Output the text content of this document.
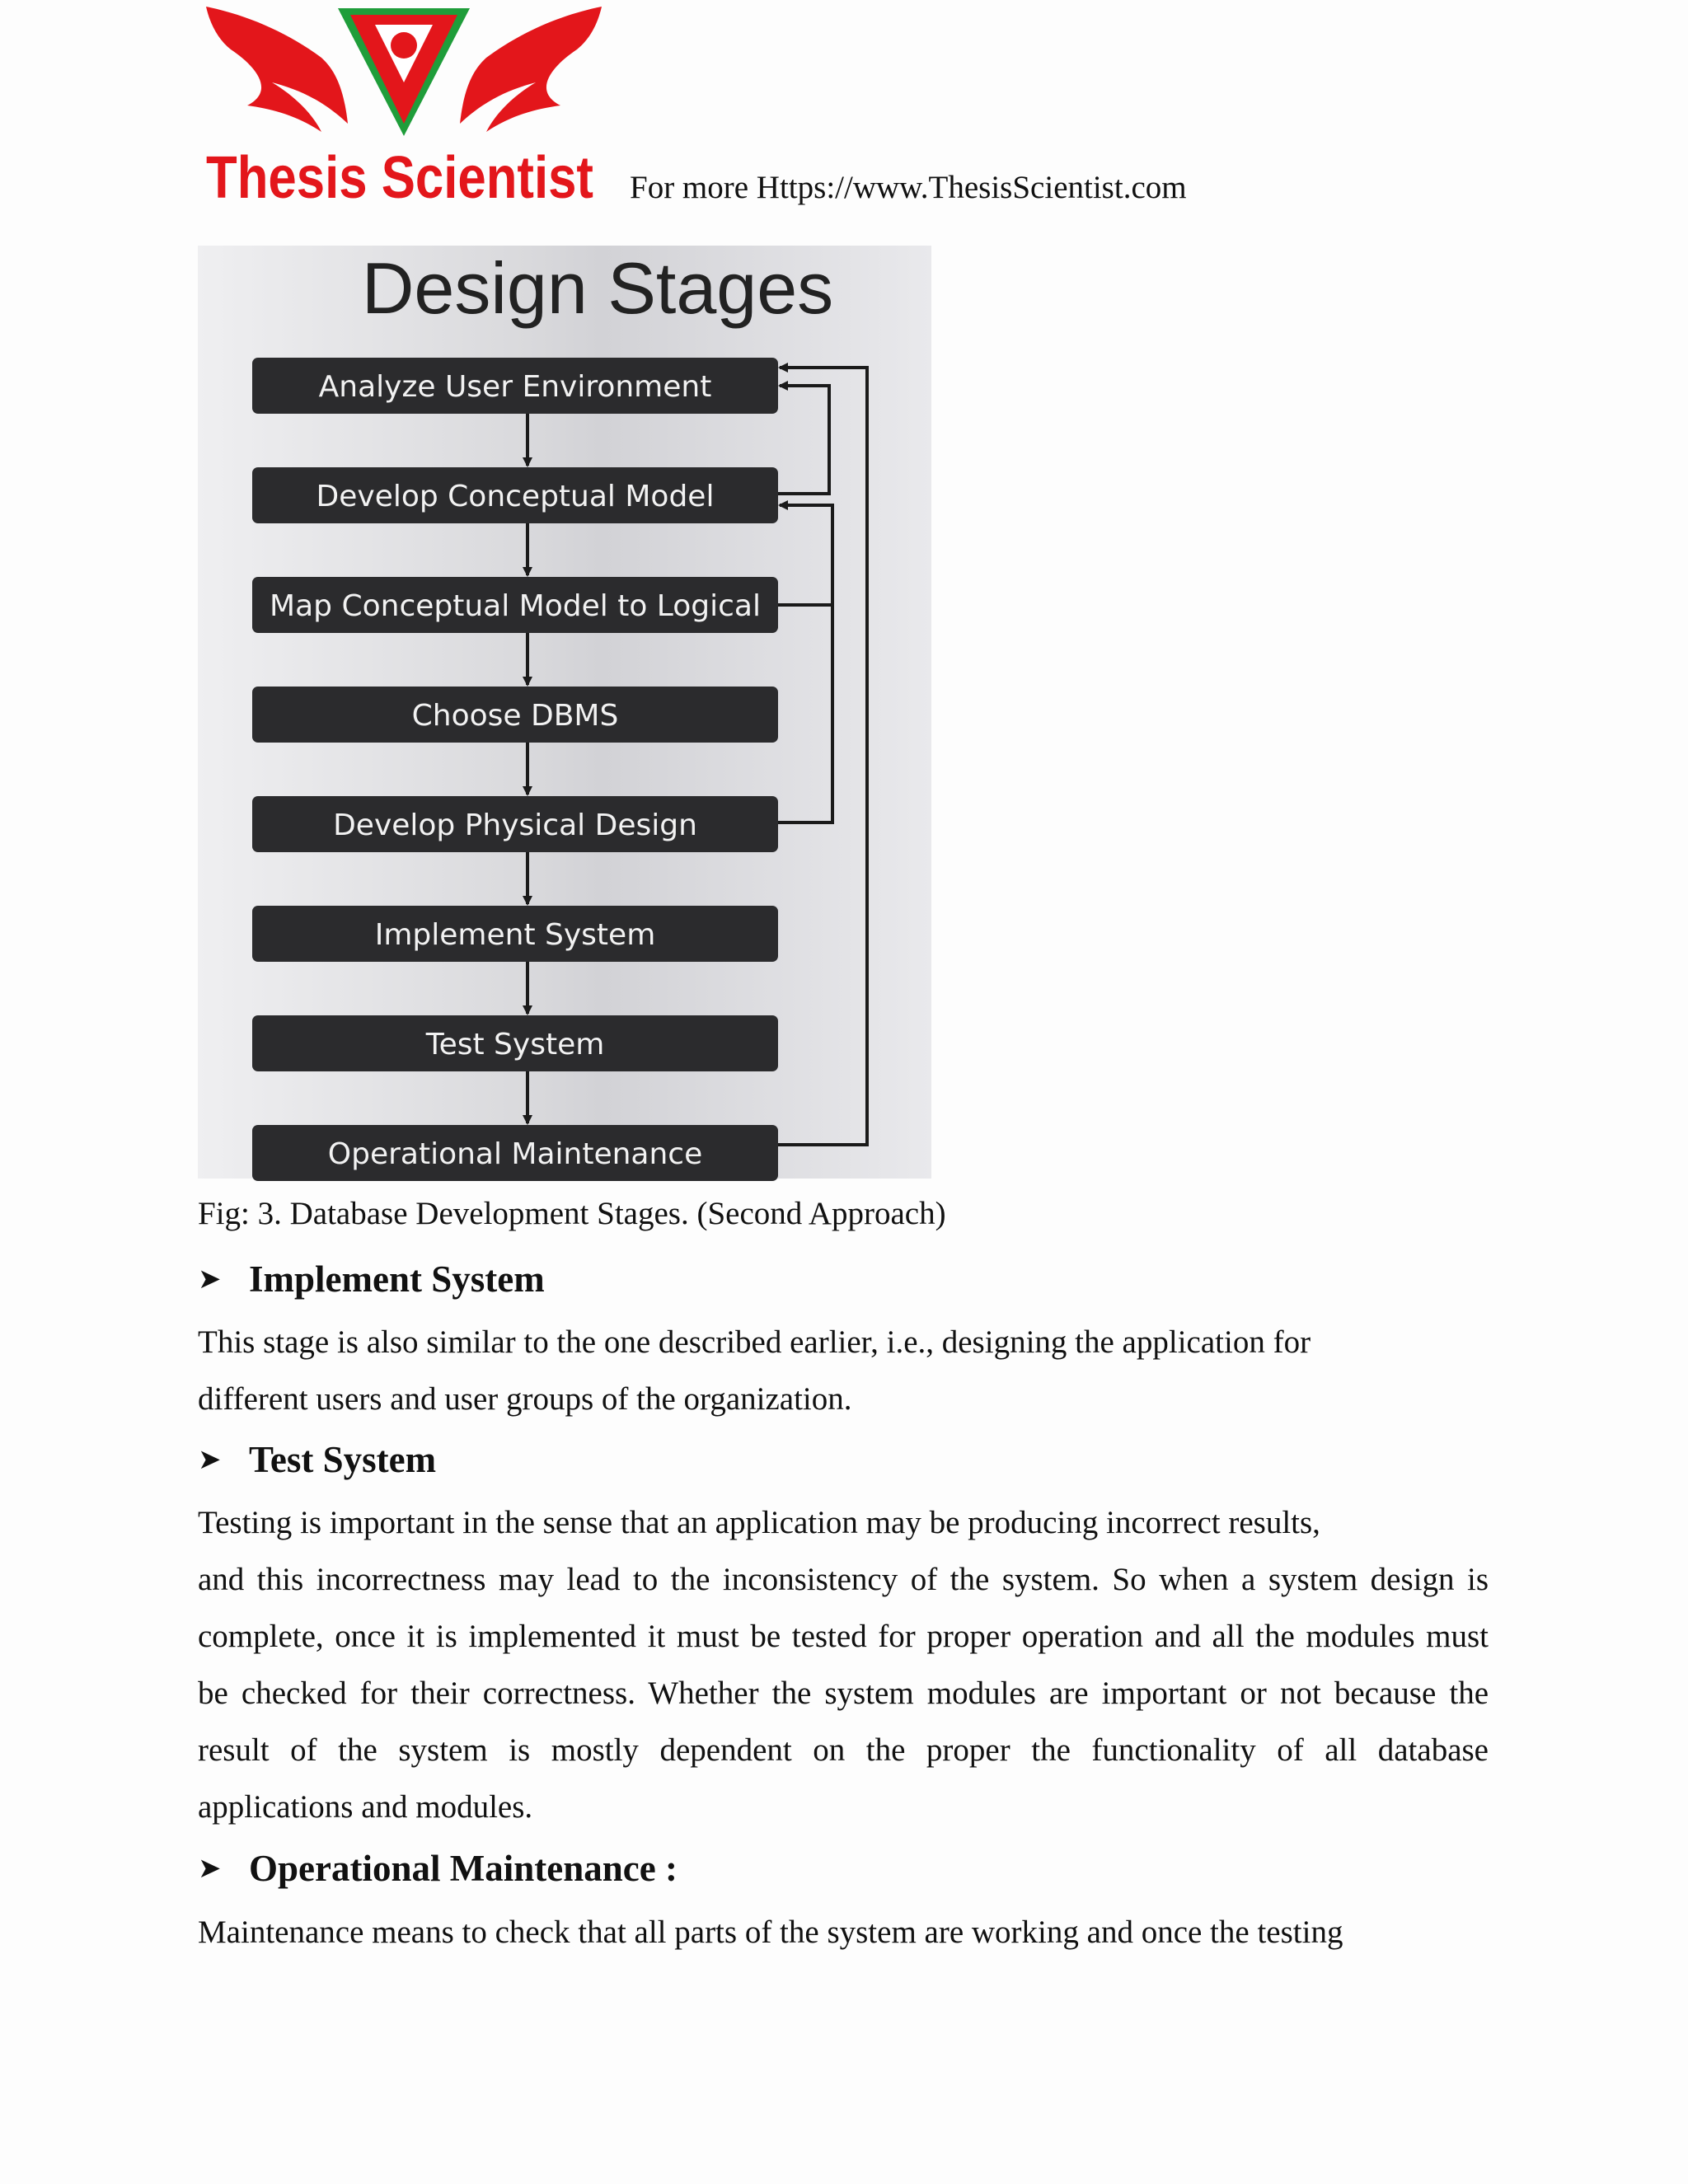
Thesis Scientist For more Https://www.ThesisScientist.com
Design Stages
Analyze User Environment
Develop Conceptual Model
Map Conceptual Model to Logical
Choose DBMS
Develop Physical Design
Implement System
Test System
Operational Maintenance
Fig: 3. Database Development Stages. (Second Approach)
➤ Implement System
This stage is also similar to the one described earlier, i.e., designing the application for
different users and user groups of the organization.
➤ Test System
Testing is important in the sense that an application may be producing incorrect results,
and this incorrectness may lead to the inconsistency of the system. So when a system design is
complete, once it is implemented it must be tested for proper operation and all the modules must
be checked for their correctness. Whether the system modules are important or not because the
result of the system is mostly dependent on the proper the functionality of all database
applications and modules.
➤ Operational Maintenance :
Maintenance means to check that all parts of the system are working and once the testing
